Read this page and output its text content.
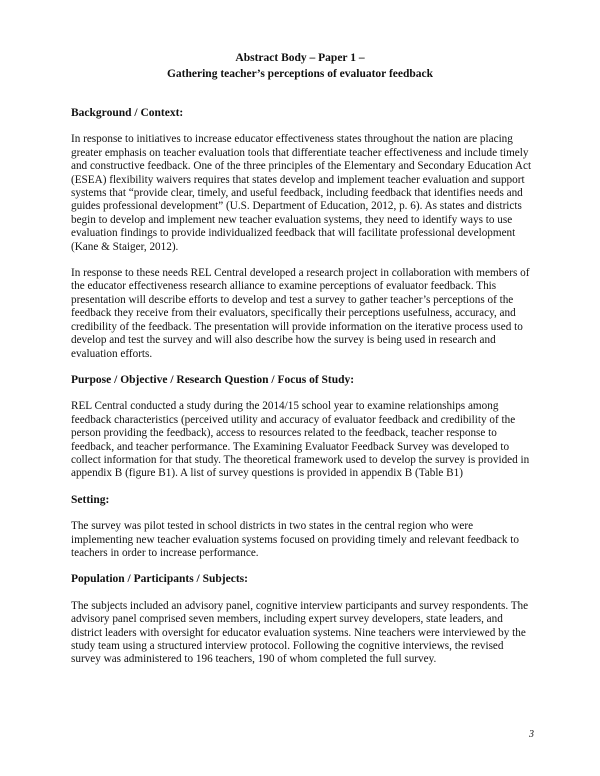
Abstract Body – Paper 1 –
Gathering teacher’s perceptions of evaluator feedback
Background / Context:

In response to initiatives to increase educator effectiveness states throughout the nation are placing greater emphasis on teacher evaluation tools that differentiate teacher effectiveness and include timely and constructive feedback. One of the three principles of the Elementary and Secondary Education Act (ESEA) flexibility waivers requires that states develop and implement teacher evaluation and support systems that “provide clear, timely, and useful feedback, including feedback that identifies needs and guides professional development” (U.S. Department of Education, 2012, p. 6). As states and districts begin to develop and implement new teacher evaluation systems, they need to identify ways to use evaluation findings to provide individualized feedback that will facilitate professional development (Kane & Staiger, 2012).

In response to these needs REL Central developed a research project in collaboration with members of the educator effectiveness research alliance to examine perceptions of evaluator feedback. This presentation will describe efforts to develop and test a survey to gather teacher’s perceptions of the feedback they receive from their evaluators, specifically their perceptions usefulness, accuracy, and credibility of the feedback. The presentation will provide information on the iterative process used to develop and test the survey and will also describe how the survey is being used in research and evaluation efforts.

Purpose / Objective / Research Question / Focus of Study:

REL Central conducted a study during the 2014/15 school year to examine relationships among feedback characteristics (perceived utility and accuracy of evaluator feedback and credibility of the person providing the feedback), access to resources related to the feedback, teacher response to feedback, and teacher performance. The Examining Evaluator Feedback Survey was developed to collect information for that study. The theoretical framework used to develop the survey is provided in appendix B (figure B1). A list of survey questions is provided in appendix B (Table B1)

Setting:

The survey was pilot tested in school districts in two states in the central region who were implementing new teacher evaluation systems focused on providing timely and relevant feedback to teachers in order to increase performance.

Population / Participants / Subjects:

The subjects included an advisory panel, cognitive interview participants and survey respondents. The advisory panel comprised seven members, including expert survey developers, state leaders, and district leaders with oversight for educator evaluation systems. Nine teachers were interviewed by the study team using a structured interview protocol. Following the cognitive interviews, the revised survey was administered to 196 teachers, 190 of whom completed the full survey.

3
